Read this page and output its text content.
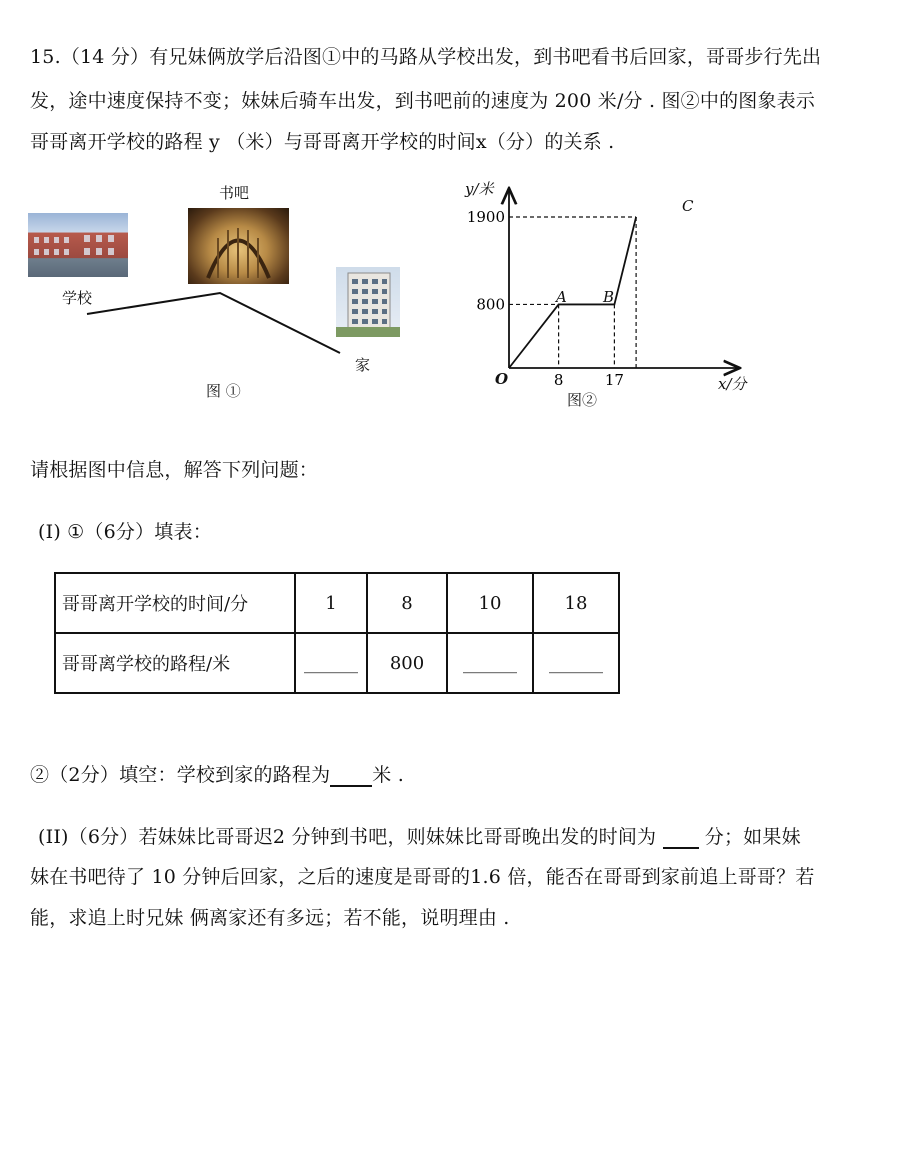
15.（14 分）有兄妹俩放学后沿图①中的马路从学校出发，到书吧看书后回家，哥哥步行先出
发，途中速度保持不变；妹妹后骑车出发，到书吧前的速度为 200 米/分 . 图②中的图象表示
哥哥离开学校的路程 y （米）与哥哥离开学校的时间x（分）的关系 .
书吧
学校
家
图 ①
1900
800
8	17
y/米
x/分
O
A B
C
图②
请根据图中信息，解答下列问题：
(I) ①（6分）填表：
哥哥离开学校的时间/分	1	8	10	18
哥哥离学校的路程/米	______	800	______	______
②（2分）填空：学校到家的路程为 米 .
(II)（6分）若妹妹比哥哥迟2 分钟到书吧，则妹妹比哥哥晚出发的时间为	分；如果妹
妹在书吧待了 10 分钟后回家，之后的速度是哥哥的1.6 倍，能否在哥哥到家前追上哥哥？若
能，求追上时兄妹 俩离家还有多远；若不能，说明理由 .
